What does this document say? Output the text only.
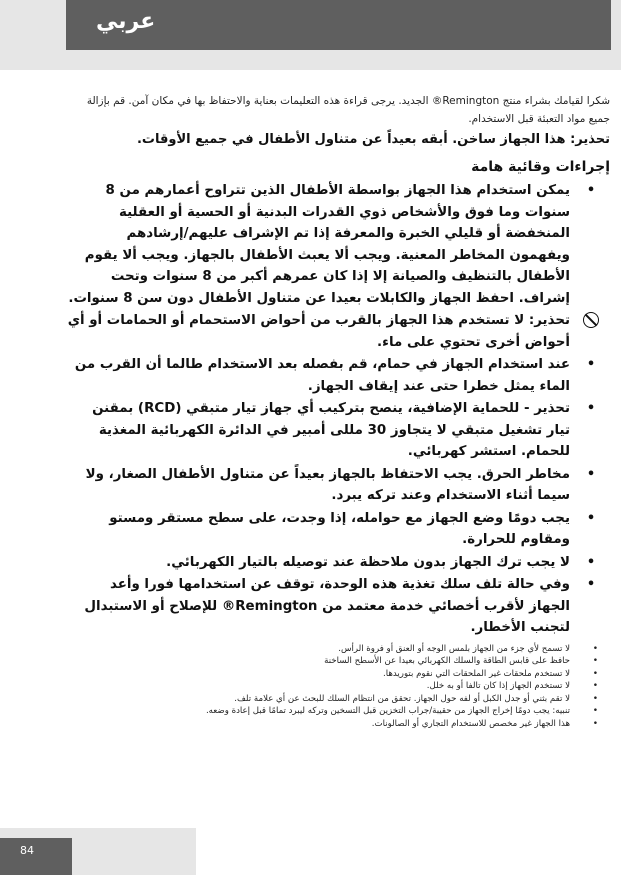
عربي

شكرا لقيامك بشراء منتج Remington® الجديد. يرجى قراءة هذه التعليمات بعناية والاحتفاظ بها في مكان آمن. قم بإزالة جميع مواد التعبئة قبل الاستخدام.

تحذير: هذا الجهاز ساخن. أبقه بعيداً عن متناول الأطفال في جميع الأوقات.

إجراءات وقائية هامة
•
يمكن استخدام هذا الجهاز بواسطة الأطفال الذين تتراوح أعمارهم من 8 سنوات وما فوق والأشخاص ذوي القدرات البدنية أو الحسية أو العقلية المنخفضة أو قليلي الخبرة والمعرفة إذا تم الإشراف عليهم/إرشادهم ويفهمون المخاطر المعنية. ويجب ألا يعبث الأطفال بالجهاز. ويجب ألا يقوم الأطفال بالتنظيف والصيانة إلا إذا كان عمرهم أكبر من 8 سنوات وتحت إشراف. احفظ الجهاز والكابلات بعيدا عن متناول الأطفال دون سن 8 سنوات.
تحذير: لا تستخدم هذا الجهاز بالقرب من أحواض الاستحمام أو الحمامات أو أي أحواض أخرى تحتوي على ماء.
•
عند استخدام الجهاز في حمام، قم بفصله بعد الاستخدام طالما أن القرب من الماء يمثل خطرا حتى عند إيقاف الجهاز.
•
تحذير - للحماية الإضافية، ينصح بتركيب أي جهاز تيار متبقي (RCD) بمقنن تيار تشغيل متبقي لا يتجاوز 30 مللى أمبير في الدائرة الكهربائية المغذية للحمام. استشر كهربائي.
•
مخاطر الحرق. يجب الاحتفاظ بالجهاز بعيداً عن متناول الأطفال الصغار، ولا سيما أثناء الاستخدام وعند تركه يبرد.
•
يجب دومًا وضع الجهاز مع حوامله، إذا وجدت، على سطح مستقر ومستو ومقاوم للحرارة.
•
لا يجب ترك الجهاز بدون ملاحظة عند توصيله بالتيار الكهربائي.
•
وفي حالة تلف سلك تغذية هذه الوحدة، توقف عن استخدامها فورا وأعد الجهاز لأقرب أخصائي خدمة معتمد من Remington® للإصلاح أو الاستبدال لتجنب الأخطار.
•
لا تسمح لأي جزء من الجهاز بلمس الوجه أو العنق أو فروة الرأس.
•
حافظ على قابس الطاقة والسلك الكهربائي بعيدا عن الأسطح الساخنة
•
لا تستخدم ملحقات غير الملحقات التي نقوم بتوريدها.
•
لا تستخدم الجهاز إذا كان تالفا أو به خلل.
•
لا تقم بثني أو جدل الكبل أو لفه حول الجهاز. تحقق من انتظام السلك للبحث عن أي علامة تلف.
•
تنبيه: يجب دومًا إخراج الجهاز من حقيبة/جراب التخزين قبل التسخين وتركه ليبرد تمامًا قبل إعادة وضعه.
•
هذا الجهاز غير مخصص للاستخدام التجاري أو الصالونات.
84
